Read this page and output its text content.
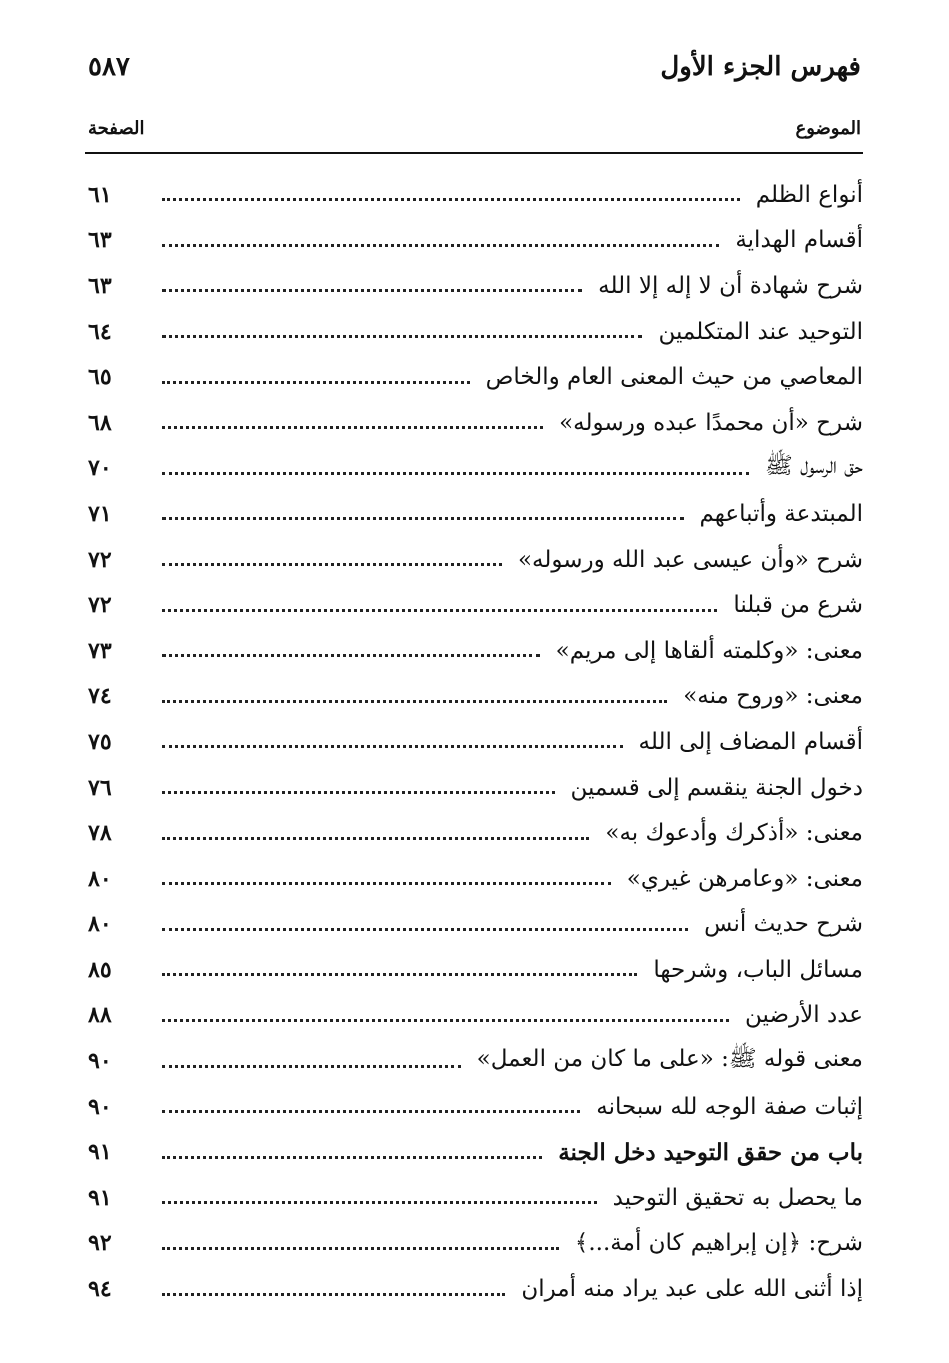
فهرس الجزء الأول
٥٨٧
الموضوع
الصفحة
أنواع الظلم
٦١
أقسام الهداية
٦٣
شرح شهادة أن لا إله إلا الله
٦٣
التوحيد عند المتكلمين
٦٤
المعاصي من حيث المعنى العام والخاص
٦٥
شرح «أن محمدًا عبده ورسوله»
٦٨
حق الرسول ﷺ
٧٠
المبتدعة وأتباعهم
٧١
شرح «وأن عيسى عبد الله ورسوله»
٧٢
شرع من قبلنا
٧٢
معنى: «وكلمته ألقاها إلى مريم»
٧٣
معنى: «وروح منه»
٧٤
أقسام المضاف إلى الله
٧٥
دخول الجنة ينقسم إلى قسمين
٧٦
معنى: «أذكرك وأدعوك به»
٧٨
معنى: «وعامرهن غيري»
٨٠
شرح حديث أنس
٨٠
مسائل الباب، وشرحها
٨٥
عدد الأرضين
٨٨
معنى قوله ﷺ: «على ما كان من العمل»
٩٠
إثبات صفة الوجه لله سبحانه
٩٠
باب من حقق التوحيد دخل الجنة
٩١
ما يحصل به تحقيق التوحيد
٩١
شرح: ﴿إن إبراهيم كان أمة...﴾
٩٢
إذا أثنى الله على عبد يراد منه أمران
٩٤
